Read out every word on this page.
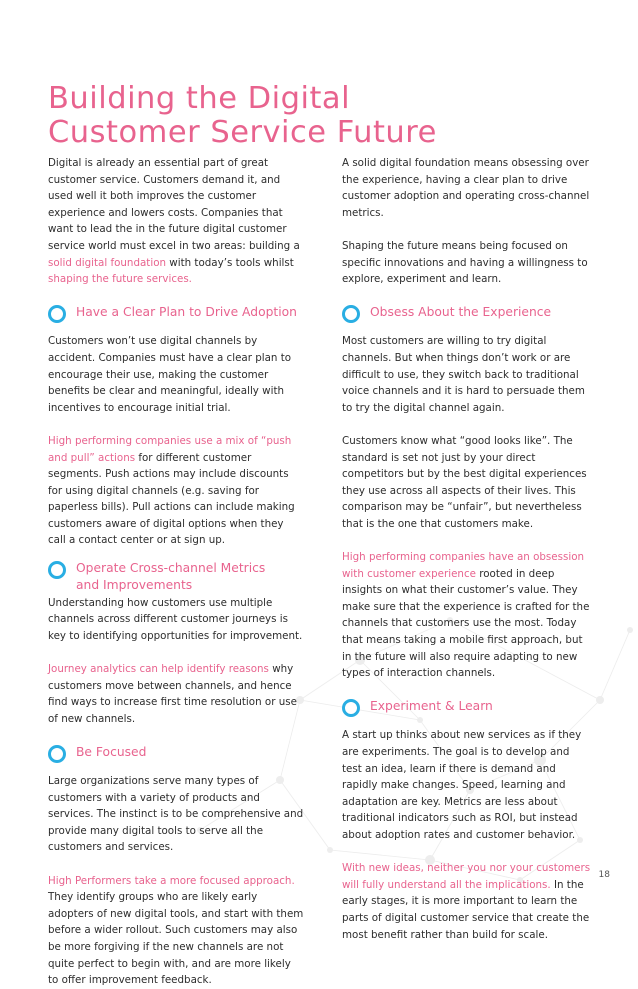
Building the Digital
Customer Service Future

Digital is already an essential part of great customer service. Customers demand it, and used well it both improves the customer experience and lowers costs. Companies that want to lead the in the future digital customer service world must excel in two areas: building a solid digital foundation with today’s tools whilst shaping the future services.

Have a Clear Plan to Drive Adoption

Customers won’t use digital channels by accident. Companies must have a clear plan to encourage their use, making the customer benefits be clear and meaningful, ideally with incentives to encourage initial trial.

High performing companies use a mix of “push and pull” actions for different customer segments. Push actions may include discounts for using digital channels (e.g. saving for paperless bills). Pull actions can include making customers aware of digital options when they call a contact center or at sign up.

Operate Cross-channel Metrics
and Improvements

Understanding how customers use multiple channels across different customer journeys is key to identifying opportunities for improvement.

Journey analytics can help identify reasons why customers move between channels, and hence find ways to increase first time resolution or use of new channels.

Be Focused

Large organizations serve many types of customers with a variety of products and services. The instinct is to be comprehensive and provide many digital tools to serve all the customers and services.

High Performers take a more focused approach. They identify groups who are likely early adopters of new digital tools, and start with them before a wider rollout. Such customers may also be more forgiving if the new channels are not quite perfect to begin with, and are more likely to offer improvement feedback.

A solid digital foundation means obsessing over the experience, having a clear plan to drive customer adoption and operating cross-channel metrics.

Shaping the future means being focused on specific innovations and having a willingness to explore, experiment and learn.

Obsess About the Experience

Most customers are willing to try digital channels. But when things don’t work or are difficult to use, they switch back to traditional voice channels and it is hard to persuade them to try the digital channel again.

Customers know what “good looks like”. The standard is set not just by your direct competitors but by the best digital experiences they use across all aspects of their lives. This comparison may be “unfair”, but nevertheless that is the one that customers make.

High performing companies have an obsession with customer experience rooted in deep insights on what their customer’s value. They make sure that the experience is crafted for the channels that customers use the most. Today that means taking a mobile first approach, but in the future will also require adapting to new types of interaction channels.

Experiment & Learn

A start up thinks about new services as if they are experiments. The goal is to develop and test an idea, learn if there is demand and rapidly make changes. Speed, learning and adaptation are key. Metrics are less about traditional indicators such as ROI, but instead about adoption rates and customer behavior.

With new ideas, neither you nor your customers will fully understand all the implications. In the early stages, it is more important to learn the parts of digital customer service that create the most benefit rather than build for scale.

18
